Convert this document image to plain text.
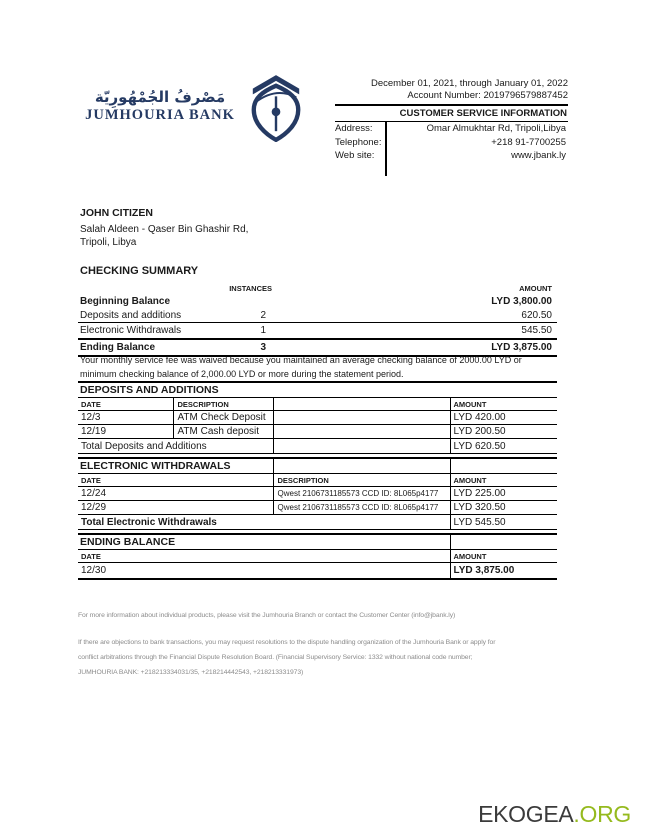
مَصْرفُ الجُمْهُورِيّة
JUMHOURIA BANK
December 01, 2021, through January 01, 2022
Account Number: 2019796579887452
CUSTOMER SERVICE INFORMATION
Address:	Omar Almukhtar Rd, Tripoli,Libya
Telephone:	+218 91-7700255
Web site:	www.jbank.ly
JOHN CITIZEN
Salah Aldeen - Qaser Bin Ghashir Rd,
Tripoli, Libya
CHECKING SUMMARY
	INSTANCES	AMOUNT
Beginning Balance		LYD 3,800.00
Deposits and additions	2	620.50
Electronic Withdrawals	1	545.50
Ending Balance	3	LYD 3,875.00
Your monthly service fee was waived because you maintained an average checking balance of 2000.00 LYD or
minimum checking balance of 2,000.00 LYD or more during the statement period.
DEPOSITS AND ADDITIONS			
DATE	DESCRIPTION		AMOUNT
12/3	ATM Check Deposit		LYD 420.00
12/19	ATM Cash deposit		LYD 200.50
Total Deposits and Additions			LYD 620.50
ELECTRONIC WITHDRAWALS		
DATE	DESCRIPTION	AMOUNT
12/24	Qwest 2106731185573 CCD ID: 8L065p4177	LYD 225.00
12/29	Qwest 2106731185573 CCD ID: 8L065p4177	LYD 320.50
Total Electronic Withdrawals		LYD 545.50
ENDING BALANCE	
DATE	AMOUNT
12/30	LYD 3,875.00
For more information about individual products, please visit the Jumhouria Branch or contact the Customer Center (info@jbank.ly)
If there are objections to bank transactions, you may request resolutions to the dispute handling organization of the Jumhouria Bank or apply for
conflict arbitrations through the Financial Dispute Resolution Board. (Financial Supervisory Service: 1332 without national code number;
JUMHOURIA BANK: +218213334031/35, +218214442543, +218213331973)
EKOGEA.ORG
